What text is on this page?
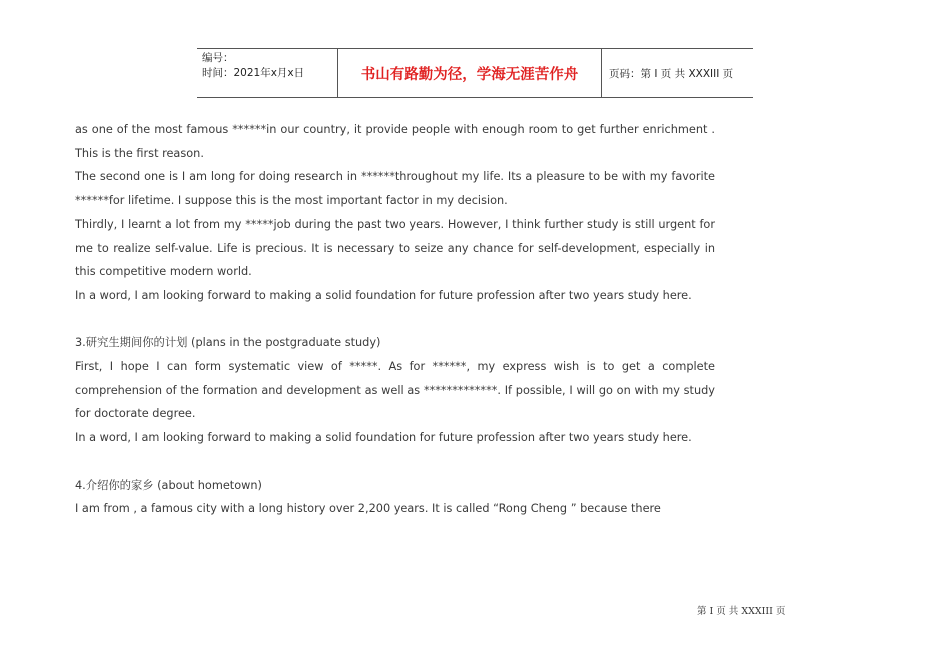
编号：
时间：2021年x月x日	书山有路勤为径，学海无涯苦作舟	页码：第 I 页 共 XXXIII 页

as one of the most famous ******in our country, it provide people with enough room to get further enrichment . This is the first reason.

The second one is I am long for doing research in ******throughout my life. Its a pleasure to be with my favorite ******for lifetime. I suppose this is the most important factor in my decision.

Thirdly, I learnt a lot from my *****job during the past two years. However, I think further study is still urgent for me to realize self-value. Life is precious. It is necessary to seize any chance for self-development, especially in this competitive modern world.

In a word, I am looking forward to making a solid foundation for future profession after two years study here.

3.研究生期间你的计划 (plans in the postgraduate study)

First, I hope I can form systematic view of *****. As for ******, my express wish is to get a complete comprehension of the formation and development as well as *************. If possible, I will go on with my study for doctorate degree.

In a word, I am looking forward to making a solid foundation for future profession after two years study here.

4.介绍你的家乡 (about hometown)

I am from , a famous city with a long history over 2,200 years. It is called “Rong Cheng ” because there

第 I 页 共 XXXIII 页
